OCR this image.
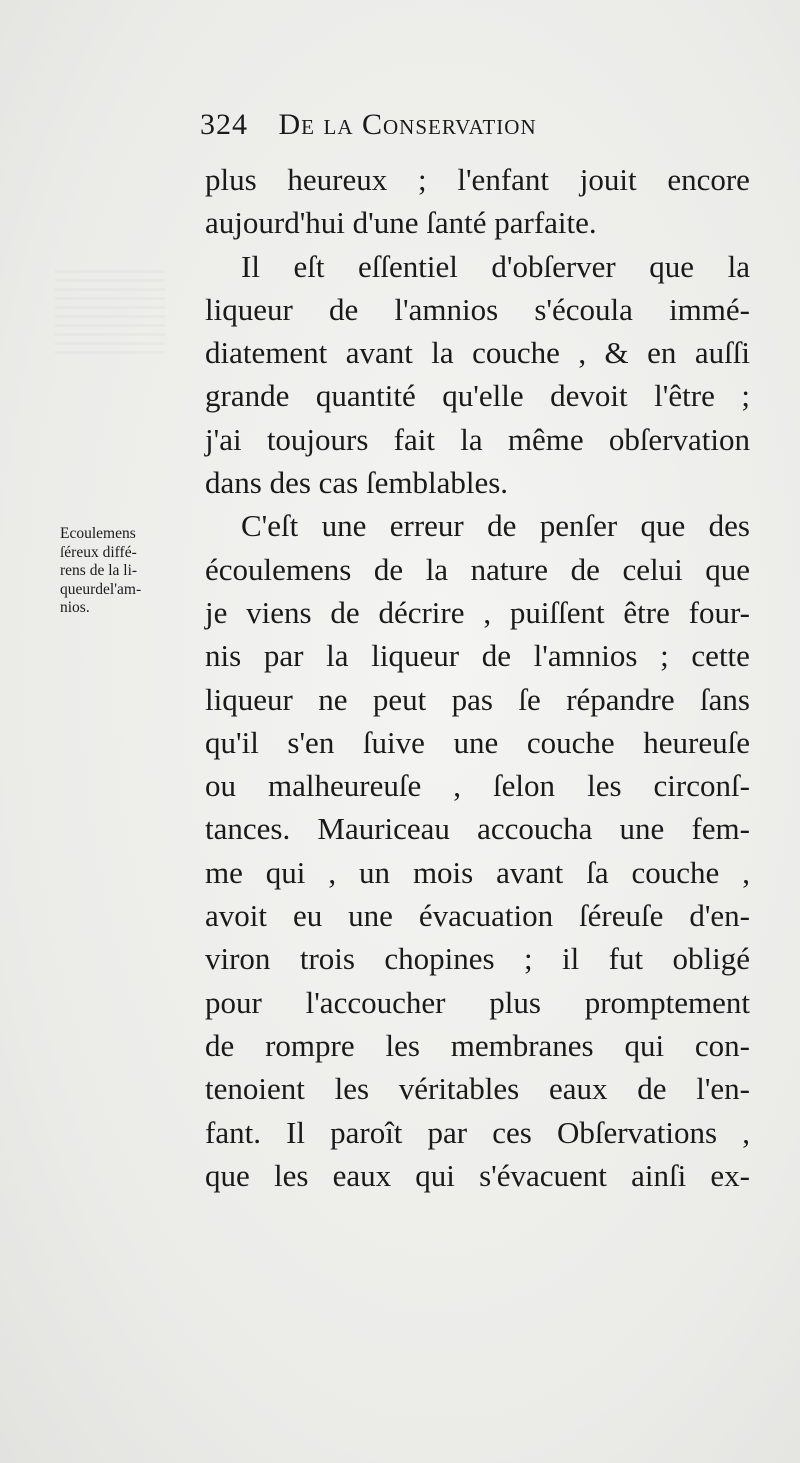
324 De la Conservation
Ecoulemens
ſéreux diffé-
rens de la li-
queurdel'am-
nios.
plus heureux ; l'enfant jouit encore
aujourd'hui d'une ſanté parfaite.
Il eſt eſſentiel d'obſerver que la
liqueur de l'amnios s'écoula immé-
diatement avant la couche , & en auſſi
grande quantité qu'elle devoit l'être ;
j'ai toujours fait la même obſervation
dans des cas ſemblables.
C'eſt une erreur de penſer que des
écoulemens de la nature de celui que
je viens de décrire , puiſſent être four-
nis par la liqueur de l'amnios ; cette
liqueur ne peut pas ſe répandre ſans
qu'il s'en ſuive une couche heureuſe
ou malheureuſe , ſelon les circonſ-
tances. Mauriceau accoucha une fem-
me qui , un mois avant ſa couche ,
avoit eu une évacuation ſéreuſe d'en-
viron trois chopines ; il fut obligé
pour l'accoucher plus promptement
de rompre les membranes qui con-
tenoient les véritables eaux de l'en-
fant. Il paroît par ces Obſervations ,
que les eaux qui s'évacuent ainſi ex-
